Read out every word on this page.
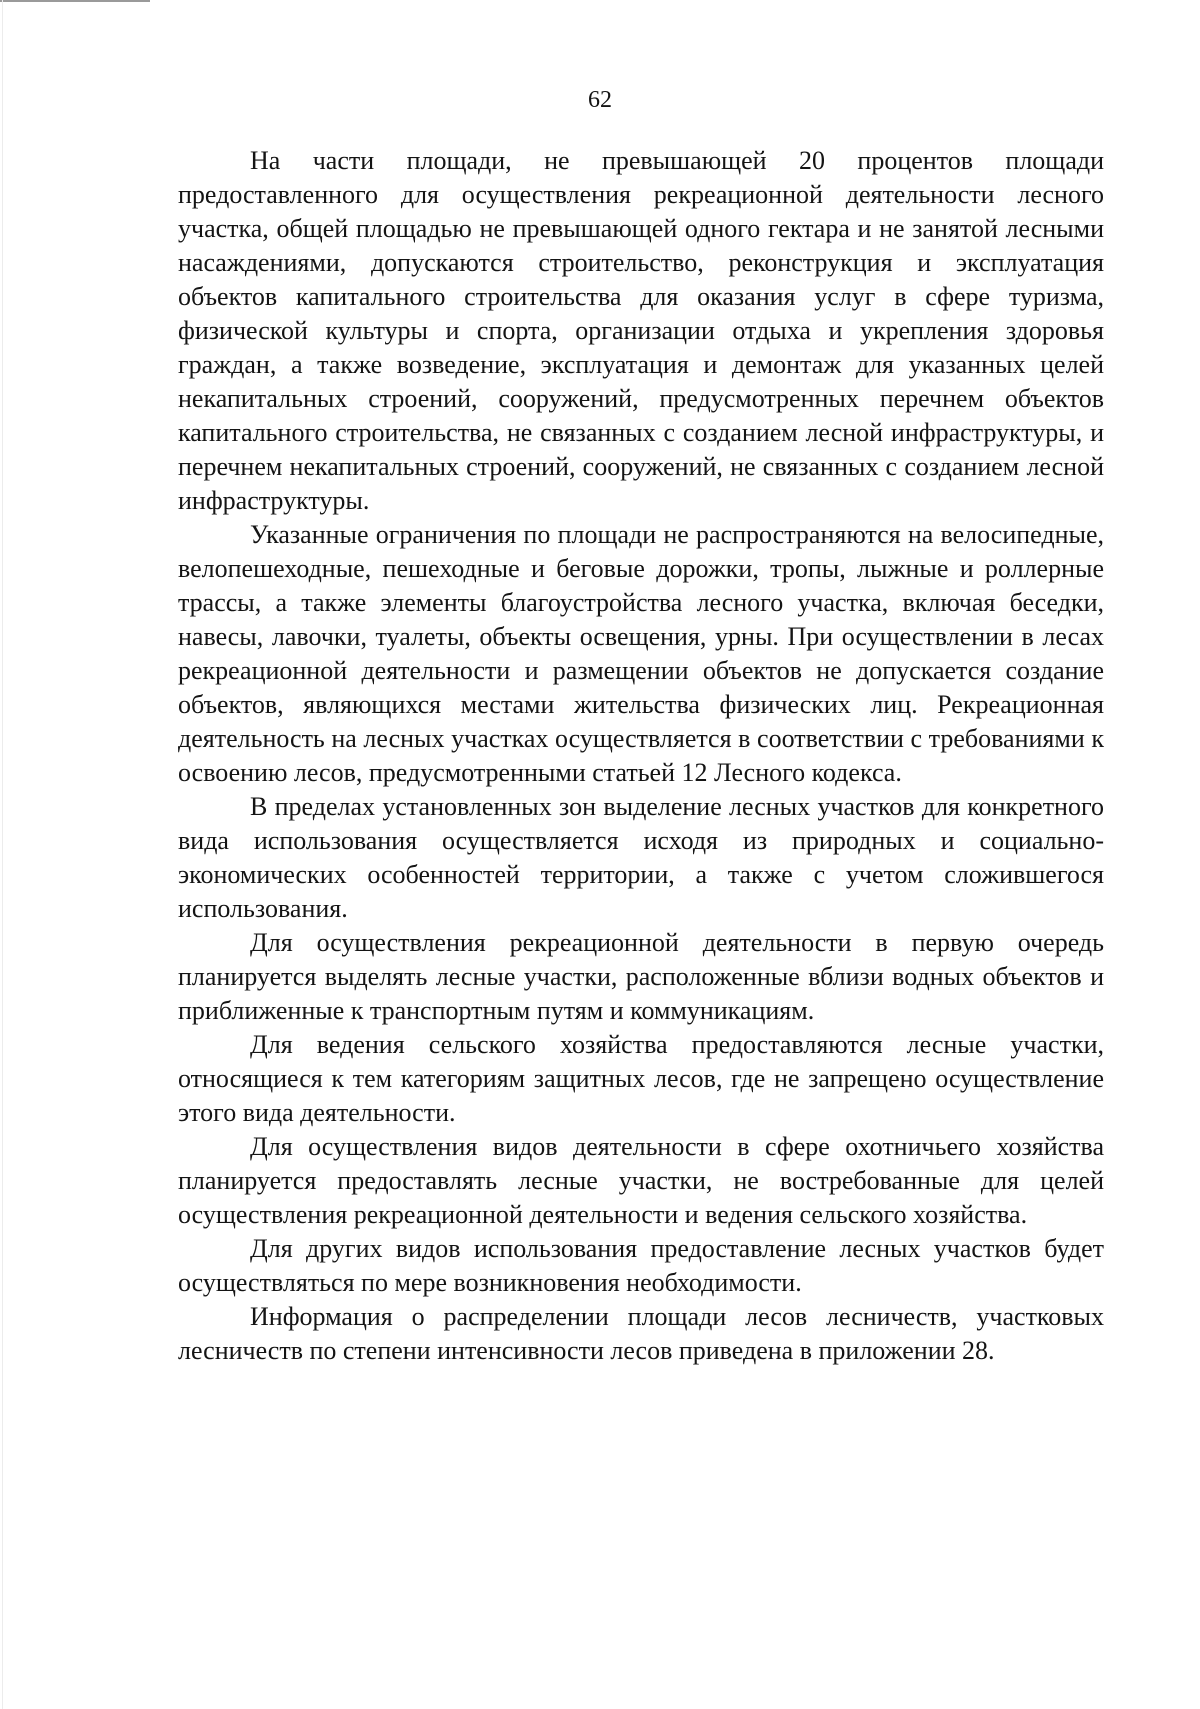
62

На части площади, не превышающей 20 процентов площади предоставленного для осуществления рекреационной деятельности лесного участка, общей площадью не превышающей одного гектара и не занятой лесными насаждениями, допускаются строительство, реконструкция и эксплуатация объектов капитального строительства для оказания услуг в сфере туризма, физической культуры и спорта, организации отдыха и укрепления здоровья граждан, а также возведение, эксплуатация и демонтаж для указанных целей некапитальных строений, сооружений, предусмотренных перечнем объектов капитального строительства, не связанных с созданием лесной инфраструктуры, и перечнем некапитальных строений, сооружений, не связанных с созданием лесной инфраструктуры.

Указанные ограничения по площади не распространяются на велосипедные, велопешеходные, пешеходные и беговые дорожки, тропы, лыжные и роллерные трассы, а также элементы благоустройства лесного участка, включая беседки, навесы, лавочки, туалеты, объекты освещения, урны. При осуществлении в лесах рекреационной деятельности и размещении объектов не допускается создание объектов, являющихся местами жительства физических лиц. Рекреационная деятельность на лесных участках осуществляется в соответствии с требованиями к освоению лесов, предусмотренными статьей 12 Лесного кодекса.

В пределах установленных зон выделение лесных участков для конкретного вида использования осуществляется исходя из природных и социально-экономических особенностей территории, а также с учетом сложившегося использования.

Для осуществления рекреационной деятельности в первую очередь планируется выделять лесные участки, расположенные вблизи водных объектов и приближенные к транспортным путям и коммуникациям.

Для ведения сельского хозяйства предоставляются лесные участки, относящиеся к тем категориям защитных лесов, где не запрещено осуществление этого вида деятельности.

Для осуществления видов деятельности в сфере охотничьего хозяйства планируется предоставлять лесные участки, не востребованные для целей осуществления рекреационной деятельности и ведения сельского хозяйства.

Для других видов использования предоставление лесных участков будет осуществляться по мере возникновения необходимости.

Информация о распределении площади лесов лесничеств, участковых лесничеств по степени интенсивности лесов приведена в приложении 28.
